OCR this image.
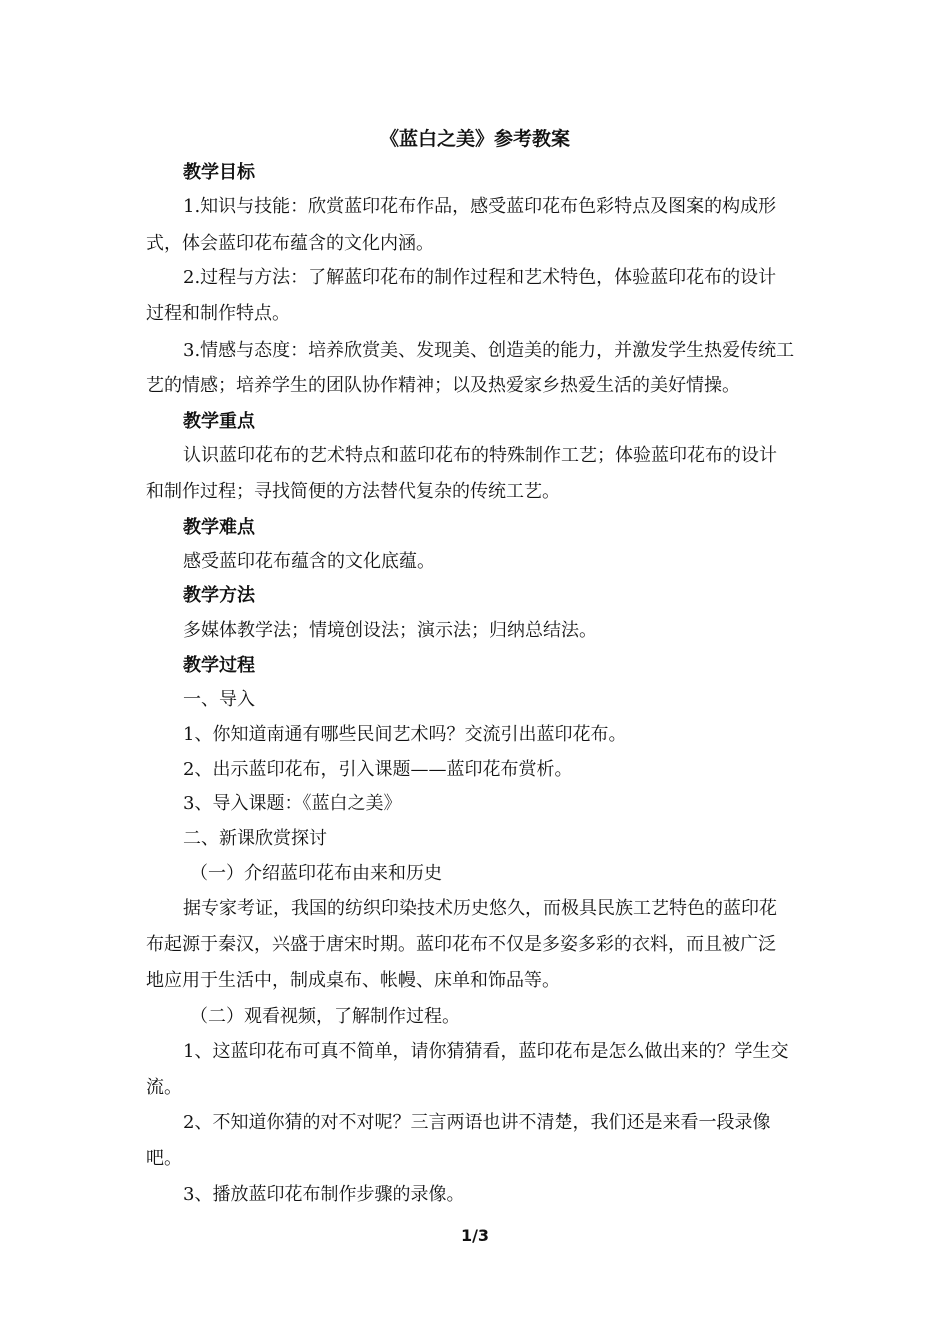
《蓝白之美》参考教案
教学目标
1.知识与技能：欣赏蓝印花布作品，感受蓝印花布色彩特点及图案的构成形
式，体会蓝印花布蕴含的文化内涵。
2.过程与方法：了解蓝印花布的制作过程和艺术特色，体验蓝印花布的设计
过程和制作特点。
3.情感与态度：培养欣赏美、发现美、创造美的能力，并激发学生热爱传统工
艺的情感；培养学生的团队协作精神；以及热爱家乡热爱生活的美好情操。
教学重点
认识蓝印花布的艺术特点和蓝印花布的特殊制作工艺；体验蓝印花布的设计
和制作过程；寻找简便的方法替代复杂的传统工艺。
教学难点
感受蓝印花布蕴含的文化底蕴。
教学方法
多媒体教学法；情境创设法；演示法；归纳总结法。
教学过程
一、导入
1、你知道南通有哪些民间艺术吗？交流引出蓝印花布。
2、出示蓝印花布，引入课题——蓝印花布赏析。
3、导入课题：《蓝白之美》
二、新课欣赏探讨
（一）介绍蓝印花布由来和历史
据专家考证，我国的纺织印染技术历史悠久，而极具民族工艺特色的蓝印花
布起源于秦汉，兴盛于唐宋时期。蓝印花布不仅是多姿多彩的衣料，而且被广泛
地应用于生活中，制成桌布、帐幔、床单和饰品等。
（二）观看视频，了解制作过程。
1、这蓝印花布可真不简单，请你猜猜看，蓝印花布是怎么做出来的？学生交
流。
2、不知道你猜的对不对呢？三言两语也讲不清楚，我们还是来看一段录像
吧。
3、播放蓝印花布制作步骤的录像。
1/3
